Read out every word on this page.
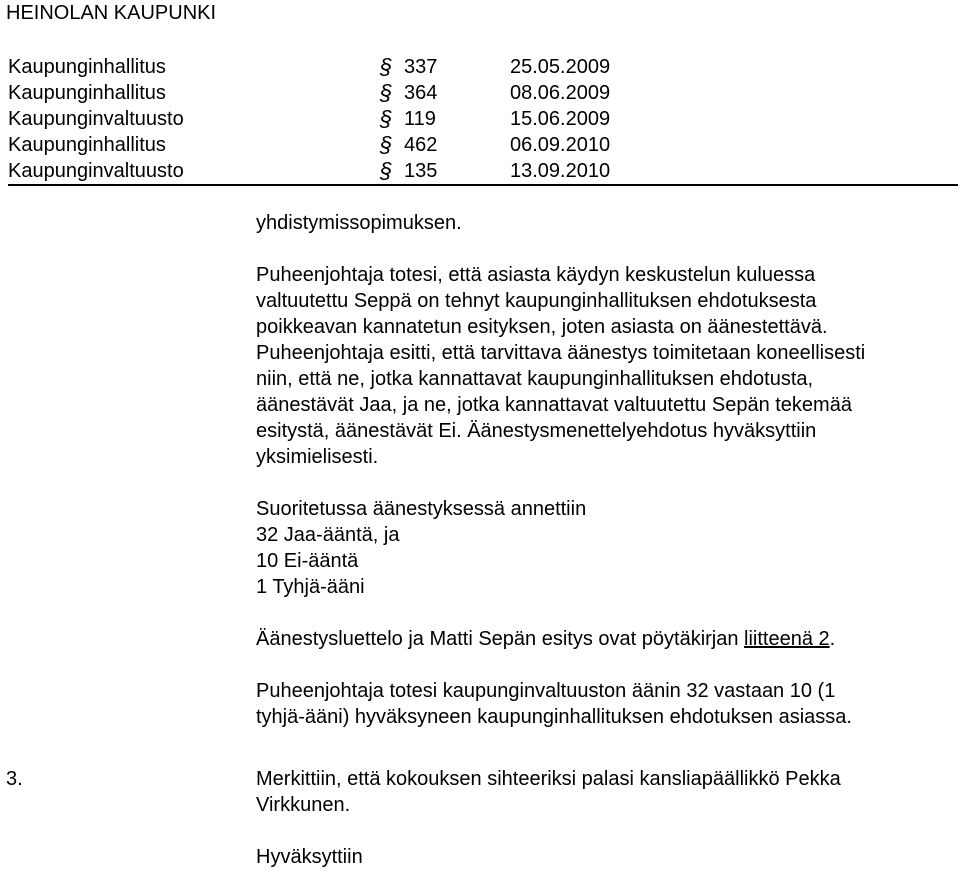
HEINOLAN KAUPUNKI
Kaupunginhallitus	§ 337	25.05.2009
Kaupunginhallitus	§ 364	08.06.2009
Kaupunginvaltuusto	§ 119	15.06.2009
Kaupunginhallitus	§ 462	06.09.2010
Kaupunginvaltuusto	§ 135	13.09.2010

yhdistymissopimuksen.

Puheenjohtaja totesi, että asiasta käydyn keskustelun kuluessa

valtuutettu Seppä on tehnyt kaupunginhallituksen ehdotuksesta

poikkeavan kannatetun esityksen, joten asiasta on äänestettävä.

Puheenjohtaja esitti, että tarvittava äänestys toimitetaan koneellisesti

niin, että ne, jotka kannattavat kaupunginhallituksen ehdotusta,

äänestävät Jaa, ja ne, jotka kannattavat valtuutettu Sepän tekemää

esitystä, äänestävät Ei. Äänestysmenettelyehdotus hyväksyttiin

yksimielisesti.

Suoritetussa äänestyksessä annettiin

32 Jaa-ääntä, ja

10 Ei-ääntä

1 Tyhjä-ääni

Äänestysluettelo ja Matti Sepän esitys ovat pöytäkirjan liitteenä 2.

Puheenjohtaja totesi kaupunginvaltuuston äänin 32 vastaan 10 (1

tyhjä-ääni) hyväksyneen kaupunginhallituksen ehdotuksen asiassa.

3.	Merkittiin, että kokouksen sihteeriksi palasi kansliapäällikkö Pekka

Virkkunen.

Hyväksyttiin
